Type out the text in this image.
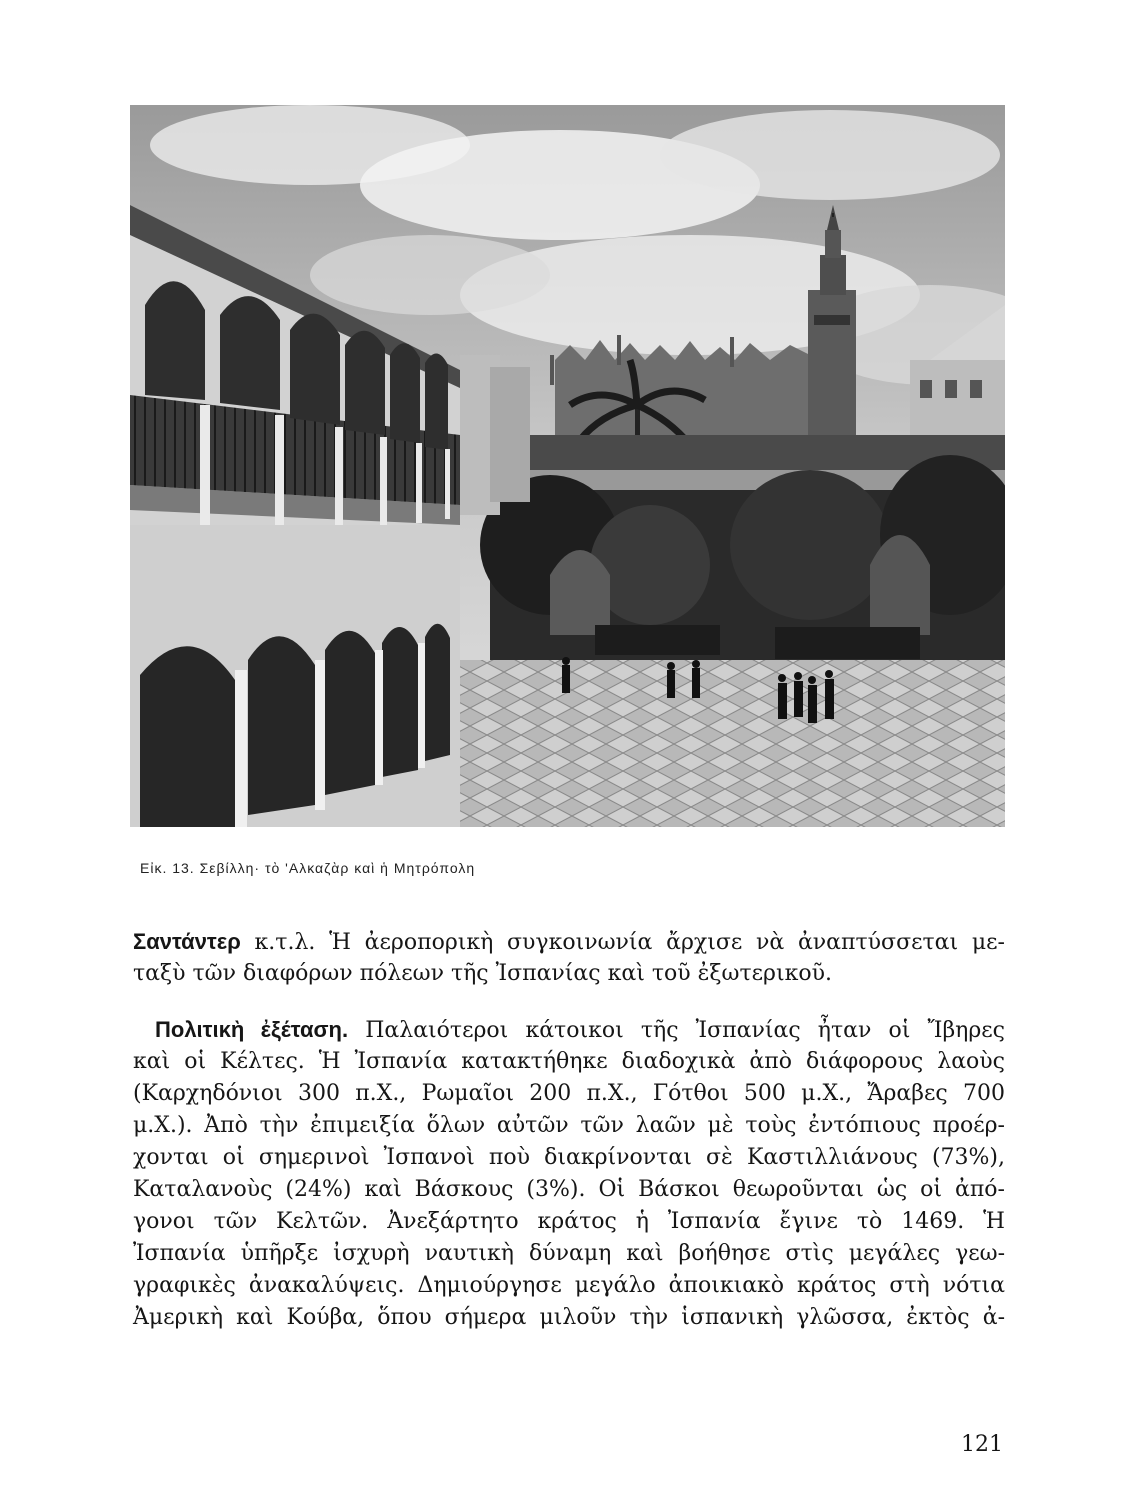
Εἰκ. 13. Σεβίλλη· τὸ 'Αλκαζὰρ καὶ ἡ Μητρόπολη

Σαντάντερ κ.τ.λ. Ἡ ἀεροπορικὴ συγκοινωνία ἄρχισε νὰ ἀναπτύσσεται με-
ταξὺ τῶν διαφόρων πόλεων τῆς Ἰσπανίας καὶ τοῦ ἐξωτερικοῦ.

Πολιτικὴ ἐξέταση. Παλαιότεροι κάτοικοι τῆς Ἰσπανίας ἦταν οἱ Ἴβηρες
καὶ οἱ Κέλτες. Ἡ Ἰσπανία κατακτήθηκε διαδοχικὰ ἀπὸ διάφορους λαοὺς
(Καρχηδόνιοι 300 π.Χ., Ρωμαῖοι 200 π.Χ., Γότθοι 500 μ.Χ., Ἄραβες 700
μ.Χ.). Ἀπὸ τὴν ἐπιμειξία ὅλων αὐτῶν τῶν λαῶν μὲ τοὺς ἐντόπιους προέρ-
χονται οἱ σημερινοὶ Ἰσπανοὶ ποὺ διακρίνονται σὲ Καστιλλιάνους (73%),
Καταλανοὺς (24%) καὶ Βάσκους (3%). Οἱ Βάσκοι θεωροῦνται ὡς οἱ ἀπό-
γονοι τῶν Κελτῶν. Ἀνεξάρτητο κράτος ἡ Ἰσπανία ἔγινε τὸ 1469. Ἡ
Ἰσπανία ὑπῆρξε ἰσχυρὴ ναυτικὴ δύναμη καὶ βοήθησε στὶς μεγάλες γεω-
γραφικὲς ἀνακαλύψεις. Δημιούργησε μεγάλο ἀποικιακὸ κράτος στὴ νότια
Ἀμερικὴ καὶ Κούβα, ὅπου σήμερα μιλοῦν τὴν ἱσπανικὴ γλῶσσα, ἐκτὸς ἀ-

121
